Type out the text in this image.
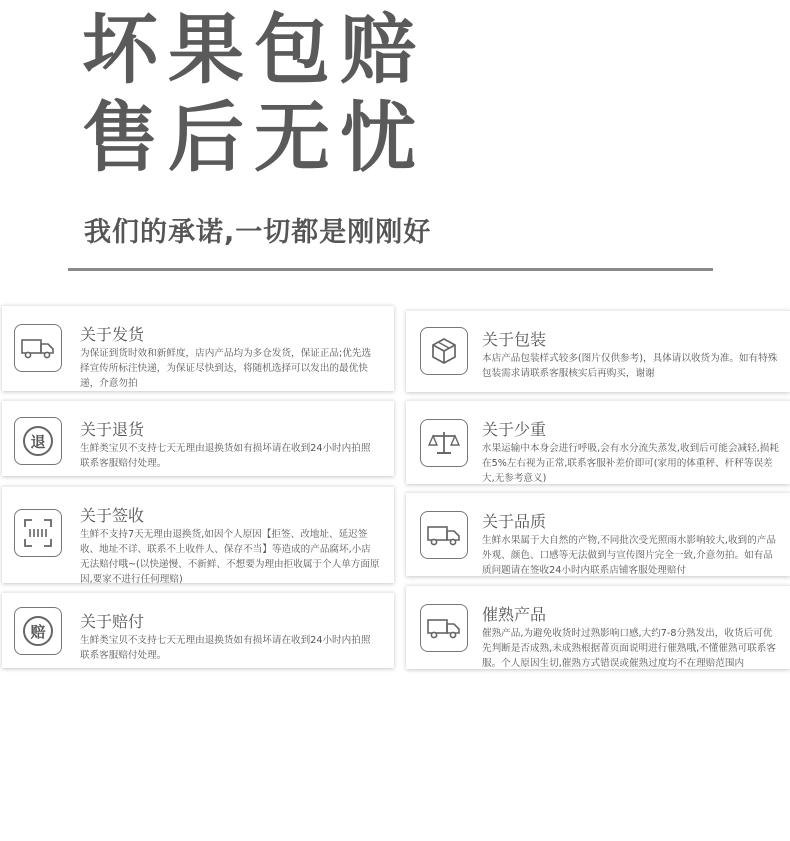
坏果包赔
售后无忧
我们的承诺,一切都是刚刚好
关于发货
为保证到货时效和新鲜度，店内产品均为多仓发货，保证正品;优先选择宣传所标注快递，为保证尽快到达，将随机选择可以发出的最优快递，介意勿拍
退
关于退货
生鲜类宝贝不支持七天无理由退换货如有损坏请在收到24小时内拍照联系客服赔付处理。
关于签收
生鲜不支持7天无理由退换货,如因个人原因【拒签、改地址、延迟签收、地址不详、联系不上收件人、保存不当】等造成的产品腐坏,小店无法赔付哦~(以快递慢、不新鲜、不想要为理由拒收属于个人单方面原因,要家不进行任何理赔)
赔
关于赔付
生鲜类宝贝不支持七天无理由退换货如有损坏请在收到24小时内拍照联系客服赔付处理。
关于包装
本店产品包装样式较多(图片仅供参考)，具体请以收货为准。如有特殊包装需求请联系客服核实后再购买，谢谢
关于少重
水果运输中本身会进行呼吸,会有水分流失蒸发,收到后可能会减轻,损耗在5%左右视为正常,联系客服补差价即可(家用的体重秤、杆秤等误差大,无参考意义)
关于品质
生鲜水果属于大自然的产物,不同批次受光照雨水影响较大,收到的产品外观、颜色、口感等无法做到与宣传图片完全一致,介意勿拍。如有品质问题请在签收24小时内联系店铺客服处理赔付
催熟产品
催熟产品,为避免收货时过熟影响口感,大约7-8分熟发出，收货后可优先判断是否成熟,未成熟根据菁页面说明进行催熟哦,不懂催熟可联系客服。个人原因生切,催熟方式错误或催熟过度均不在理赔范围内
